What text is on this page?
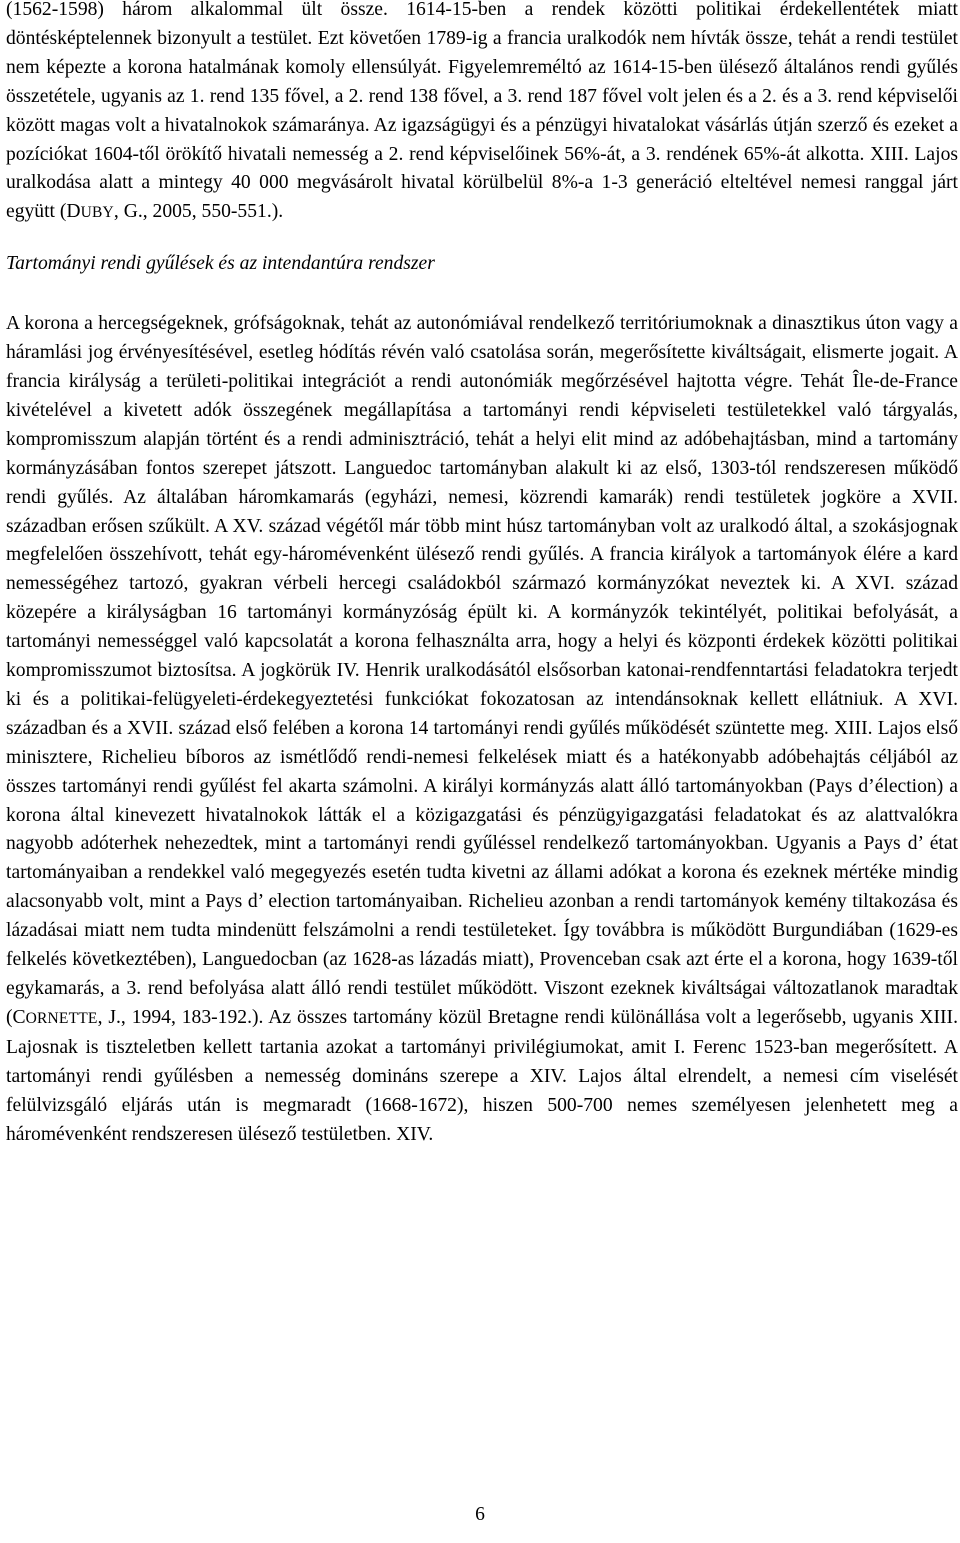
(1562-1598) három alkalommal ült össze. 1614-15-ben a rendek közötti politikai érdekellentétek miatt döntésképtelennek bizonyult a testület. Ezt követően 1789-ig a francia uralkodók nem hívták össze, tehát a rendi testület nem képezte a korona hatalmának komoly ellensúlyát. Figyelemreméltó az 1614-15-ben ülésező általános rendi gyűlés összetétele, ugyanis az 1. rend 135 fővel, a 2. rend 138 fővel, a 3. rend 187 fővel volt jelen és a 2. és a 3. rend képviselői között magas volt a hivatalnokok számaránya. Az igazságügyi és a pénzügyi hivatalokat vásárlás útján szerző és ezeket a pozíciókat 1604-től örökítő hivatali nemesség a 2. rend képviselőinek 56%-át, a 3. rendének 65%-át alkotta. XIII. Lajos uralkodása alatt a mintegy 40 000 megvásárolt hivatal körülbelül 8%-a 1-3 generáció elteltével nemesi ranggal járt együtt (DUBY, G., 2005, 550-551.).

Tartományi rendi gyűlések és az intendantúra rendszer

A korona a hercegségeknek, grófságoknak, tehát az autonómiával rendelkező territóriumoknak a dinasztikus úton vagy a háramlási jog érvényesítésével, esetleg hódítás révén való csatolása során, megerősítette kiváltságait, elismerte jogait. A francia királyság a területi-politikai integrációt a rendi autonómiák megőrzésével hajtotta végre. Tehát Île-de-France kivételével a kivetett adók összegének megállapítása a tartományi rendi képviseleti testületekkel való tárgyalás, kompromisszum alapján történt és a rendi adminisztráció, tehát a helyi elit mind az adóbehajtásban, mind a tartomány kormányzásában fontos szerepet játszott. Languedoc tartományban alakult ki az első, 1303-tól rendszeresen működő rendi gyűlés. Az általában háromkamarás (egyházi, nemesi, közrendi kamarák) rendi testületek jogköre a XVII. században erősen szűkült. A XV. század végétől már több mint húsz tartományban volt az uralkodó által, a szokásjognak megfelelően összehívott, tehát egy-háromévenként ülésező rendi gyűlés. A francia királyok a tartományok élére a kard nemességéhez tartozó, gyakran vérbeli hercegi családokból származó kormányzókat neveztek ki. A XVI. század közepére a királyságban 16 tartományi kormányzóság épült ki. A kormányzók tekintélyét, politikai befolyását, a tartományi nemességgel való kapcsolatát a korona felhasználta arra, hogy a helyi és központi érdekek közötti politikai kompromisszumot biztosítsa. A jogkörük IV. Henrik uralkodásától elsősorban katonai-rendfenntartási feladatokra terjedt ki és a politikai-felügyeleti-érdekegyeztetési funkciókat fokozatosan az intendánsoknak kellett ellátniuk. A XVI. században és a XVII. század első felében a korona 14 tartományi rendi gyűlés működését szüntette meg. XIII. Lajos első minisztere, Richelieu bíboros az ismétlődő rendi-nemesi felkelések miatt és a hatékonyabb adóbehajtás céljából az összes tartományi rendi gyűlést fel akarta számolni. A királyi kormányzás alatt álló tartományokban (Pays d’élection) a korona által kinevezett hivatalnokok látták el a közigazgatási és pénzügyigazgatási feladatokat és az alattvalókra nagyobb adóterhek nehezedtek, mint a tartományi rendi gyűléssel rendelkező tartományokban. Ugyanis a Pays d’ état tartományaiban a rendekkel való megegyezés esetén tudta kivetni az állami adókat a korona és ezeknek mértéke mindig alacsonyabb volt, mint a Pays d’ election tartományaiban. Richelieu azonban a rendi tartományok kemény tiltakozása és lázadásai miatt nem tudta mindenütt felszámolni a rendi testületeket. Így továbbra is működött Burgundiában (1629-es felkelés következtében), Languedocban (az 1628-as lázadás miatt), Provenceban csak azt érte el a korona, hogy 1639-től egykamarás, a 3. rend befolyása alatt álló rendi testület működött. Viszont ezeknek kiváltságai változatlanok maradtak (CORNETTE, J., 1994, 183-192.). Az összes tartomány közül Bretagne rendi különállása volt a legerősebb, ugyanis XIII. Lajosnak is tiszteletben kellett tartania azokat a tartományi privilégiumokat, amit I. Ferenc 1523-ban megerősített. A tartományi rendi gyűlésben a nemesség domináns szerepe a XIV. Lajos által elrendelt, a nemesi cím viselését felülvizsgáló eljárás után is megmaradt (1668-1672), hiszen 500-700 nemes személyesen jelenhetett meg a háromévenként rendszeresen ülésező testületben. XIV.

6
